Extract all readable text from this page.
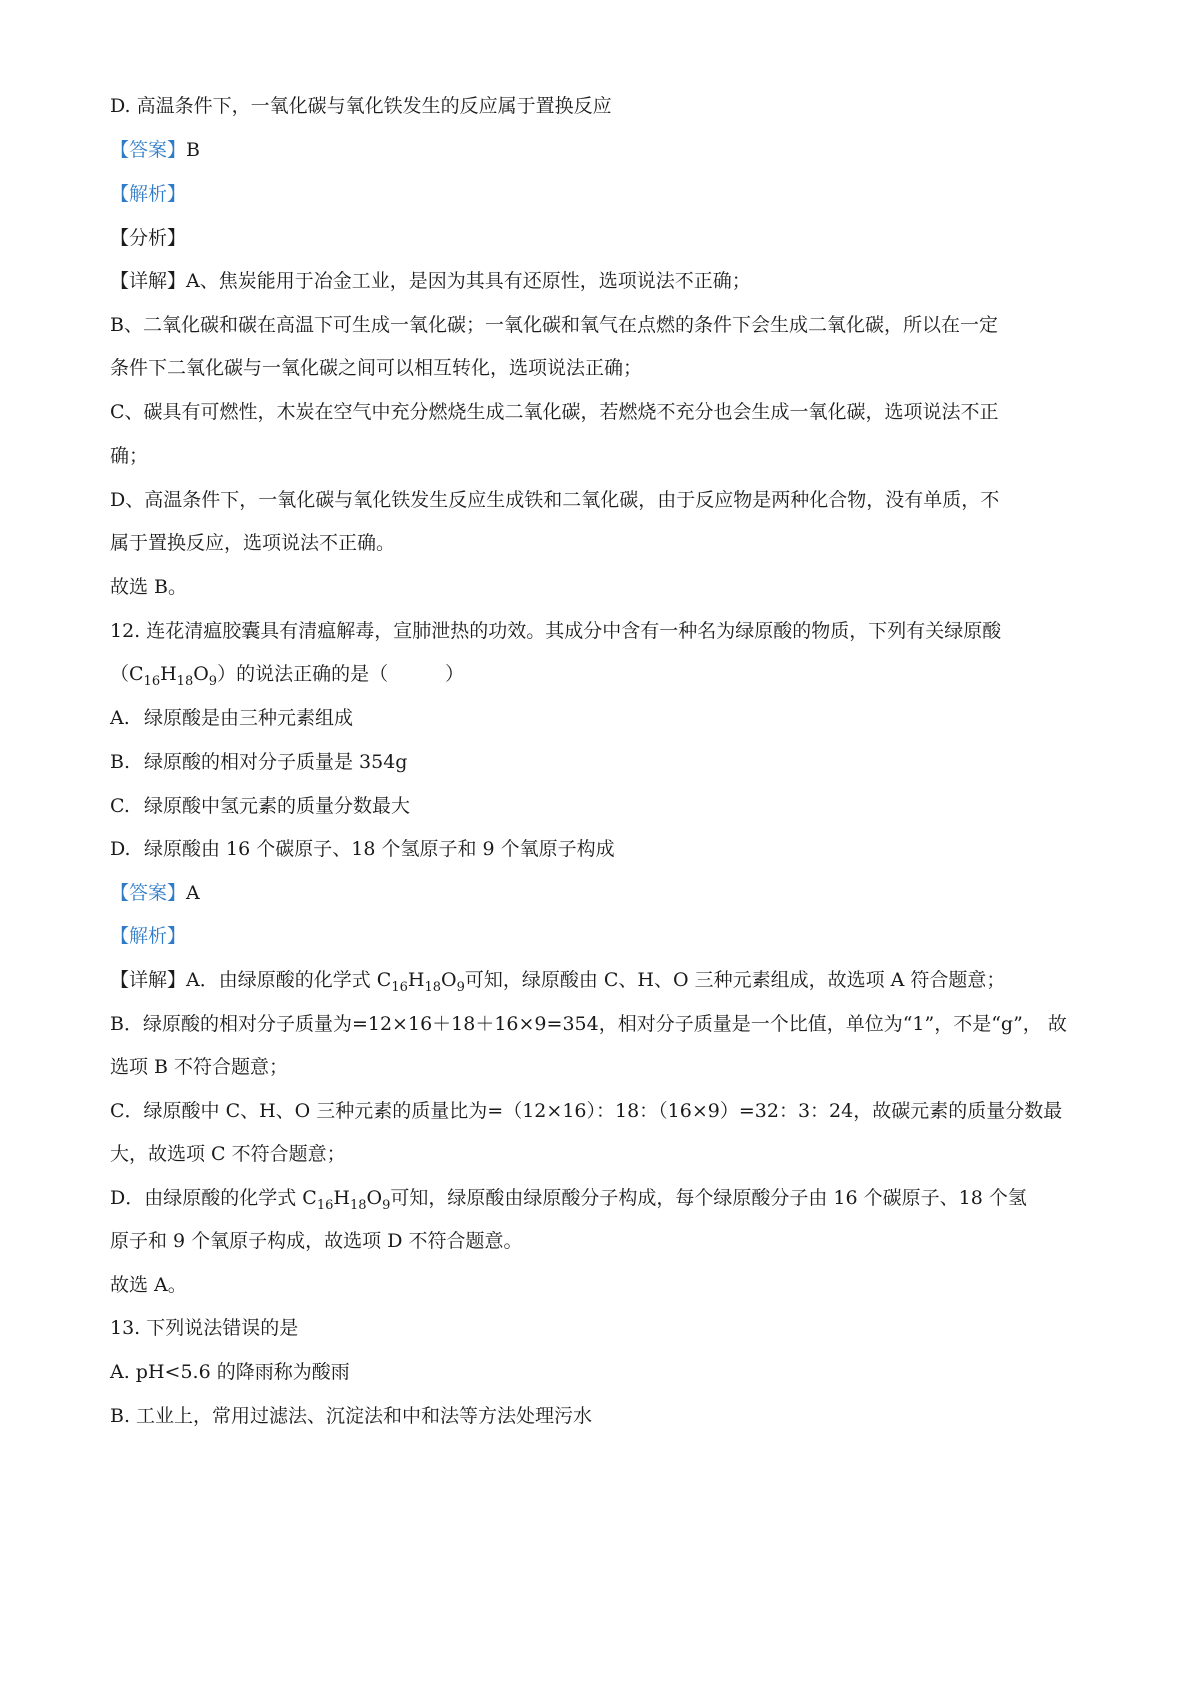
D. 高温条件下，一氧化碳与氧化铁发生的反应属于置换反应
【答案】B
【解析】
【分析】
【详解】A、焦炭能用于冶金工业，是因为其具有还原性，选项说法不正确；
B、二氧化碳和碳在高温下可生成一氧化碳；一氧化碳和氧气在点燃的条件下会生成二氧化碳，所以在一定
条件下二氧化碳与一氧化碳之间可以相互转化，选项说法正确；
C、碳具有可燃性，木炭在空气中充分燃烧生成二氧化碳，若燃烧不充分也会生成一氧化碳，选项说法不正
确；
D、高温条件下，一氧化碳与氧化铁发生反应生成铁和二氧化碳，由于反应物是两种化合物，没有单质，不
属于置换反应，选项说法不正确。
故选 B。
12. 连花清瘟胶囊具有清瘟解毒，宣肺泄热的功效。其成分中含有一种名为绿原酸的物质，下列有关绿原酸
$(C_{16}H_{18}O_9)$的说法正确的是（　　　）
A. 绿原酸是由三种元素组成
B. 绿原酸的相对分子质量是 354g
C. 绿原酸中氢元素的质量分数最大
D. 绿原酸由 16 个碳原子、18 个氢原子和 9 个氧原子构成
【答案】A
【解析】
【详解】A．由绿原酸的化学式 $C_{16}H_{18}O_9$可知，绿原酸由 C、H、O 三种元素组成，故选项 A 符合题意；
B．绿原酸的相对分子质量为=12×16＋18＋16×9=354，相对分子质量是一个比值，单位为“1”，不是“g”， 故
选项 B 不符合题意；
C．绿原酸中 C、H、O 三种元素的质量比为=（12×16）：18：（16×9）=32：3：24，故碳元素的质量分数最
大，故选项 C 不符合题意；
D．由绿原酸的化学式 $C_{16}H_{18}O_9$可知，绿原酸由绿原酸分子构成，每个绿原酸分子由 16 个碳原子、18 个氢
原子和 9 个氧原子构成，故选项 D 不符合题意。
故选 A。
13. 下列说法错误的是
A. pH<5.6 的降雨称为酸雨
B. 工业上，常用过滤法、沉淀法和中和法等方法处理污水
